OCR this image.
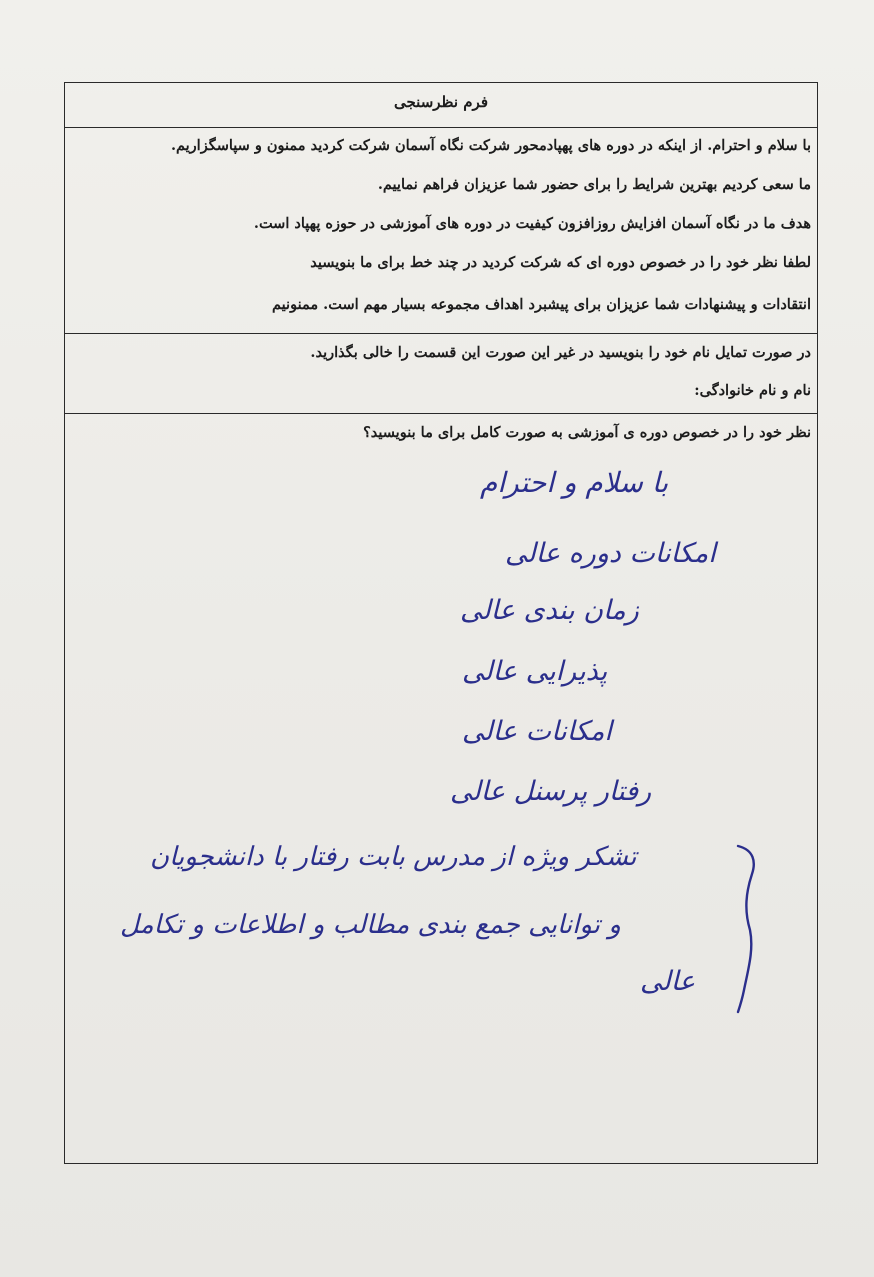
فرم نظرسنجی
با سلام و احترام. از اینکه در دوره های پهپادمحور شرکت نگاه آسمان شرکت کردید ممنون و سپاسگزاریم.
ما سعی کردیم بهترین شرایط را برای حضور شما عزیزان فراهم نماییم.
هدف ما در نگاه آسمان افزایش روزافزون کیفیت در دوره های آموزشی در حوزه پهپاد است.
لطفا نظر خود را در خصوص دوره ای که شرکت کردید در چند خط برای ما بنویسید
انتقادات و پیشنهادات شما عزیزان برای پیشبرد اهداف مجموعه بسیار مهم است. ممنونیم
در صورت تمایل نام خود را بنویسید در غیر این صورت این قسمت را خالی بگذارید.
نام و نام خانوادگی:
نظر خود را در خصوص دوره ی آموزشی به صورت کامل برای ما بنویسید؟
با سلام و احترام
امکانات دوره عالی
زمان بندی عالی
پذیرایی عالی
امکانات عالی
رفتار پرسنل عالی
تشکر ویژه از مدرس بابت رفتار با دانشجویان
و توانایی جمع بندی مطالب و اطلاعات و تکامل
عالی
